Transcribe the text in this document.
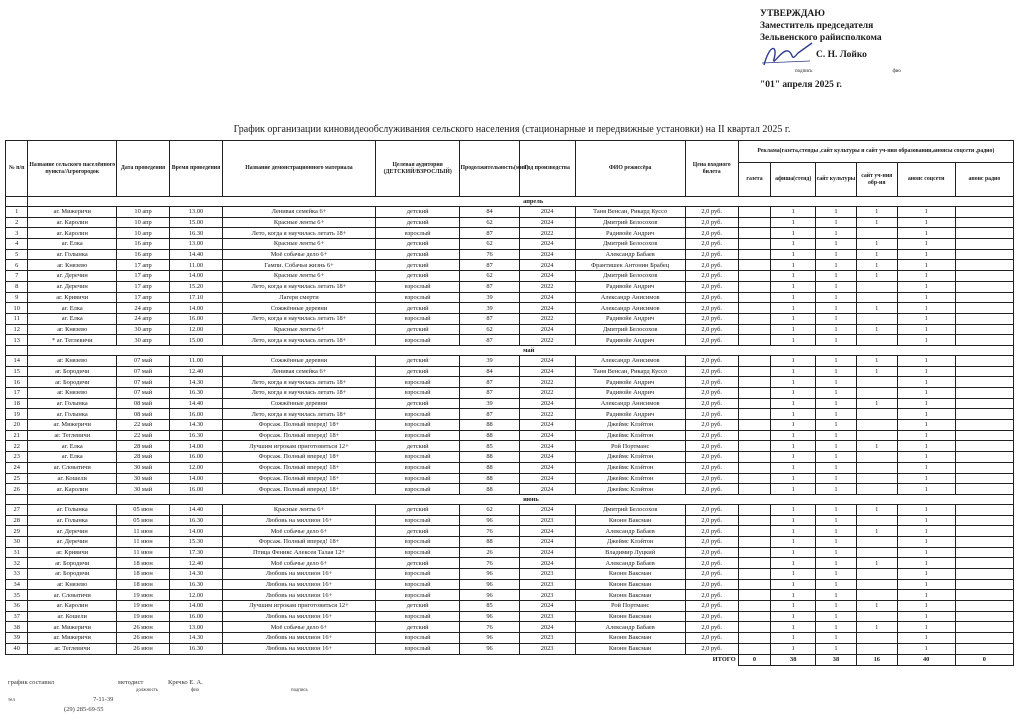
УТВЕРЖДАЮ
Заместитель председателя
Зельвенского райисполкома
С. Н. Лойко
подпись	фио
"01" апреля 2025 г.
График организации киновидеообслуживания сельского населения (стационарные и передвижные установки) на II квартал 2025 г.
№ п/п	Название сельского населённого пункта/Агрогородок	Дата проведения	Время проведения	Название демонстрационного материала	Целевая аудитория (ДЕТСКИЙ/ВЗРОСЛЫЙ)	Продолжительность(мин)	Год производства	ФИО режиссёра	Цена входного билета	Реклама(газета,стенды ,сайт культуры и сайт уч-ния образовании,анонсы соцсети ,радио)					
										газета	афиша(стенд)	сайт культуры	сайт уч-ния обр-ия	анонс соцсети	анонс радио
							апрель								
1	аг. Мижеричи	10 апр	13.00	Ленивая семейка 6+	детский	84	2024	Таня Венсан, Рикард Куссо	2,0 руб.		1	1	1	1	
2	аг. Каролин	10 апр	15.00	Красные ленты 6+	детский	62	2024	Дмитрий Белосохов	2,0 руб.		1	1	1	1	
3	аг. Каролин	10 апр	16.30	Лето, когда я научилась летать 18+	взрослый	87	2022	Радивойе Андрич	2,0 руб.		1	1		1	
4	аг. Елка	16 апр	13.00	Красные ленты 6+	детский	62	2024	Дмитрий Белосохов	2,0 руб.		1	1	1	1	
5	аг. Голынка	16 апр	14.40	Моё собачье дело 6+	детский	76	2024	Александр Бабаев	2,0 руб.		1	1	1	1	
6	аг. Князево	17 апр	11.00	Гампи. Собачья жизнь 6+	детский	87	2024	Франтишек Антонин Брабец	2,0 руб.		1	1	1	1	
7	аг. Деречин	17 апр	14.00	Красные ленты 6+	детский	62	2024	Дмитрий Белосохов	2,0 руб.		1	1	1	1	
8	аг. Деречин	17 апр	15.20	Лето, когда я научилась летать 18+	взрослый	87	2022	Радивойе Андрич	2,0 руб.		1	1		1	
9	аг. Кривичи	17 апр	17.10	Лагеря смерти	взрослый	39	2024	Александр Анисимов	2,0 руб.		1	1		1	
10	аг. Елка	24 апр	14.00	Сожжённые деревни	детский	39	2024	Александр Анисимов	2,0 руб.		1	1	1	1	
11	аг. Елка	24 апр	16.00	Лето, когда я научилась летать 18+	взрослый	87	2022	Радивойе Андрич	2,0 руб.		1	1		1	
12	аг. Князево	30 апр	12.00	Красные ленты 6+	детский	62	2024	Дмитрий Белосохов	2,0 руб.		1	1	1	1	
13	* аг. Теглевичи	30 апр	15.00	Лето, когда я научилась летать 18+	взрослый	87	2022	Радивойе Андрич	2,0 руб.		1	1		1	
							май								
14	аг. Князево	07 май	11.00	Сожжённые деревни	детский	39	2024	Александр Анисимов	2,0 руб.		1	1	1	1	
15	аг. Бородичи	07 май	12.40	Ленивая семейка 6+	детский	84	2024	Таня Венсан, Рикард Куссо	2,0 руб.		1	1	1	1	
16	аг. Бородичи	07 май	14.30	Лето, когда я научилась летать 18+	взрослый	87	2022	Радивойе Андрич	2,0 руб.		1	1		1	
17	аг. Князево	07 май	16.30	Лето, когда я научилась летать 18+	взрослый	87	2022	Радивойе Андрич	2,0 руб.		1	1		1	
18	аг. Голынка	08 май	14.40	Сожжённые деревни	детский	39	2024	Александр Анисимов	2,0 руб.		1	1	1	1	
19	аг. Голынка	08 май	16.00	Лето, когда я научилась летать 18+	взрослый	87	2022	Радивойе Андрич	2,0 руб.		1	1		1	
20	аг. Мижеричи	22 май	14.30	Форсаж. Полный вперед! 18+	взрослый	88	2024	Джеймс Клэйтон	2,0 руб.		1	1		1	
21	аг. Теглевичи	22 май	16.30	Форсаж. Полный вперед! 18+	взрослый	88	2024	Джеймс Клэйтон	2,0 руб.		1	1		1	
22	аг. Елка	28 май	14.00	Лучшим игрокам приготовиться 12+	детский	85	2024	Рой Портманс	2,0 руб.		1	1	1	1	
23	аг. Елка	28 май	16.00	Форсаж. Полный вперед! 18+	взрослый	88	2024	Джеймс Клэйтон	2,0 руб.		1	1		1	
24	аг. Словатичи	30 май	12.00	Форсаж. Полный вперед! 18+	взрослый	88	2024	Джеймс Клэйтон	2,0 руб.		1	1		1	
25	аг. Кошели	30 май	14.00	Форсаж. Полный вперед! 18+	взрослый	88	2024	Джеймс Клэйтон	2,0 руб.		1	1		1	
26	аг. Каролин	30 май	16.00	Форсаж. Полный вперед! 18+	взрослый	88	2024	Джеймс Клэйтон	2,0 руб.		1	1		1	
							июнь								
27	аг. Голынка	05 июн	14.40	Красные ленты 6+	детский	62	2024	Дмитрий Белосохов	2,0 руб.		1	1	1	1	
28	аг. Голынка	05 июн	16.30	Любовь на миллион 16+	взрослый	96	2023	Кионн Ваксман	2,0 руб.		1	1		1	
29	аг. Деречин	11 июн	14.00	Моё собачье дело 6+	детский	76	2024	Александр Бабаев	2,0 руб.		1	1	1	1	
30	аг. Деречин	11 июн	15.30	Форсаж. Полный вперед! 18+	взрослый	88	2024	Джеймс Клэйтон	2,0 руб.		1	1		1	
31	аг. Кривичи	11 июн	17.30	Птица Феникс Алексея Талая 12+	взрослый	26	2024	Владимир Луцкий	2,0 руб.		1	1		1	
32	аг. Бородичи	18 июн	12.40	Моё собачье дело 6+	детский	76	2024	Александр Бабаев	2,0 руб.		1	1	1	1	
33	аг. Бородичи	18 июн	14.30	Любовь на миллион 16+	взрослый	96	2023	Кионн Ваксман	2,0 руб.		1	1		1	
34	аг. Князево	18 июн	16.30	Любовь на миллион 16+	взрослый	96	2023	Кионн Ваксман	2,0 руб.		1	1		1	
35	аг. Словатичи	19 июн	12.00	Любовь на миллион 16+	взрослый	96	2023	Кионн Ваксман	2,0 руб.		1	1		1	
36	аг. Каролин	19 июн	14.00	Лучшим игрокам приготовиться 12+	детский	85	2024	Рой Портманс	2,0 руб.		1	1	1	1	
37	аг. Кошели	19 июн	16.00	Любовь на миллион 16+	взрослый	96	2023	Кионн Ваксман	2,0 руб.		1	1		1	
38	аг. Мижеричи	26 июн	13.00	Моё собачье дело 6+	детский	76	2024	Александр Бабаев	2,0 руб.		1	1	1	1	
39	аг. Мижеричи	26 июн	14.30	Любовь на миллион 16+	взрослый	96	2023	Кионн Ваксман	2,0 руб.		1	1		1	
40	аг. Теглевичи	26 июн	16.30	Любовь на миллион 16+	взрослый	96	2023	Кионн Ваксман	2,0 руб.		1	1		1	
ИТОГО										0	38	38	16	40	0
график составил	методист	Кречко Е. А.
должность	фио	подпись
тел	7-11-39
(29) 285-69-55
